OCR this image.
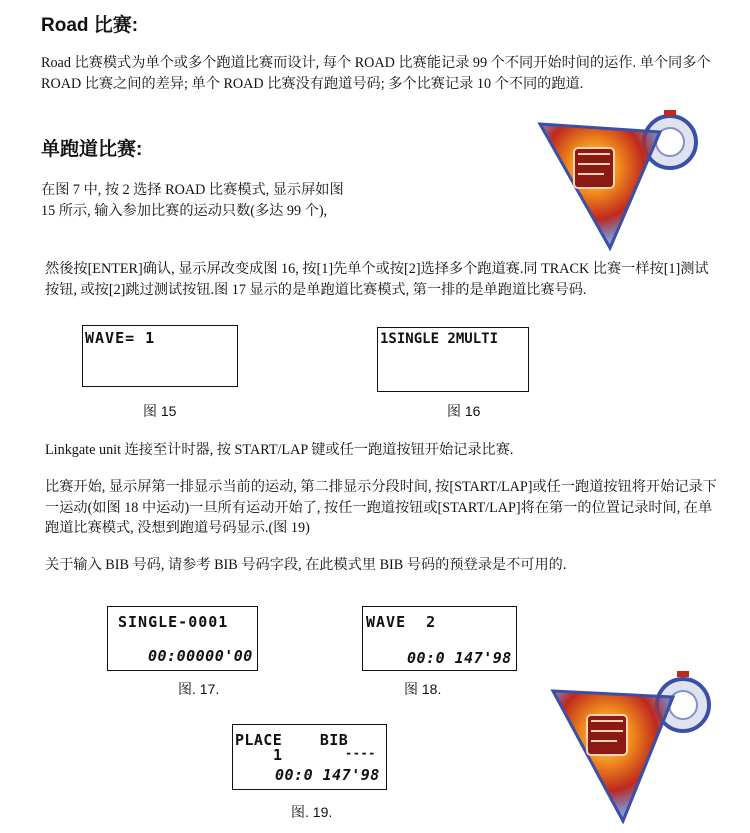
Road 比赛:
Road 比赛模式为单个或多个跑道比赛而设计, 每个 ROAD 比赛能记录 99 个不同开始时间的运作. 单个同多个 ROAD 比赛之间的差异; 单个 ROAD 比赛没有跑道号码; 多个比赛记录 10 个不同的跑道.
单跑道比赛:
在图 7 中, 按 2 选择 ROAD 比赛模式, 显示屏如图
15 所示, 输入参加比赛的运动只数(多达 99 个),
然後按[ENTER]确认, 显示屏改变成图 16, 按[1]先单个或按[2]选择多个跑道赛.同 TRACK 比赛一样按[1]测试按钮, 或按[2]跳过测试按钮.图 17 显示的是单跑道比赛模式, 第一排的是单跑道比赛号码.
WAVE= 1
图 15
1SINGLE 2MULTI
图 16
Linkgate unit 连接至计时器, 按 START/LAP 键或任一跑道按钮开始记录比赛.
比赛开始, 显示屏第一排显示当前的运动, 第二排显示分段时间, 按[START/LAP]或任一跑道按钮将开始记录下一运动(如图 18 中运动)一旦所有运动开始了, 按任一跑道按钮或[START/LAP]将在第一的位置记录时间, 在单跑道比赛模式, 没想到跑道号码显示.(图 19)
关于输入 BIB 号码, 请参考 BIB 号码字段, 在此模式里 BIB 号码的预登录是不可用的.
SINGLE-0001
00:00000'00
图. 17.
WAVE  2
00:0 147'98
图 18.
PLACE    BIB
1	----
00:0 147'98
图. 19.
